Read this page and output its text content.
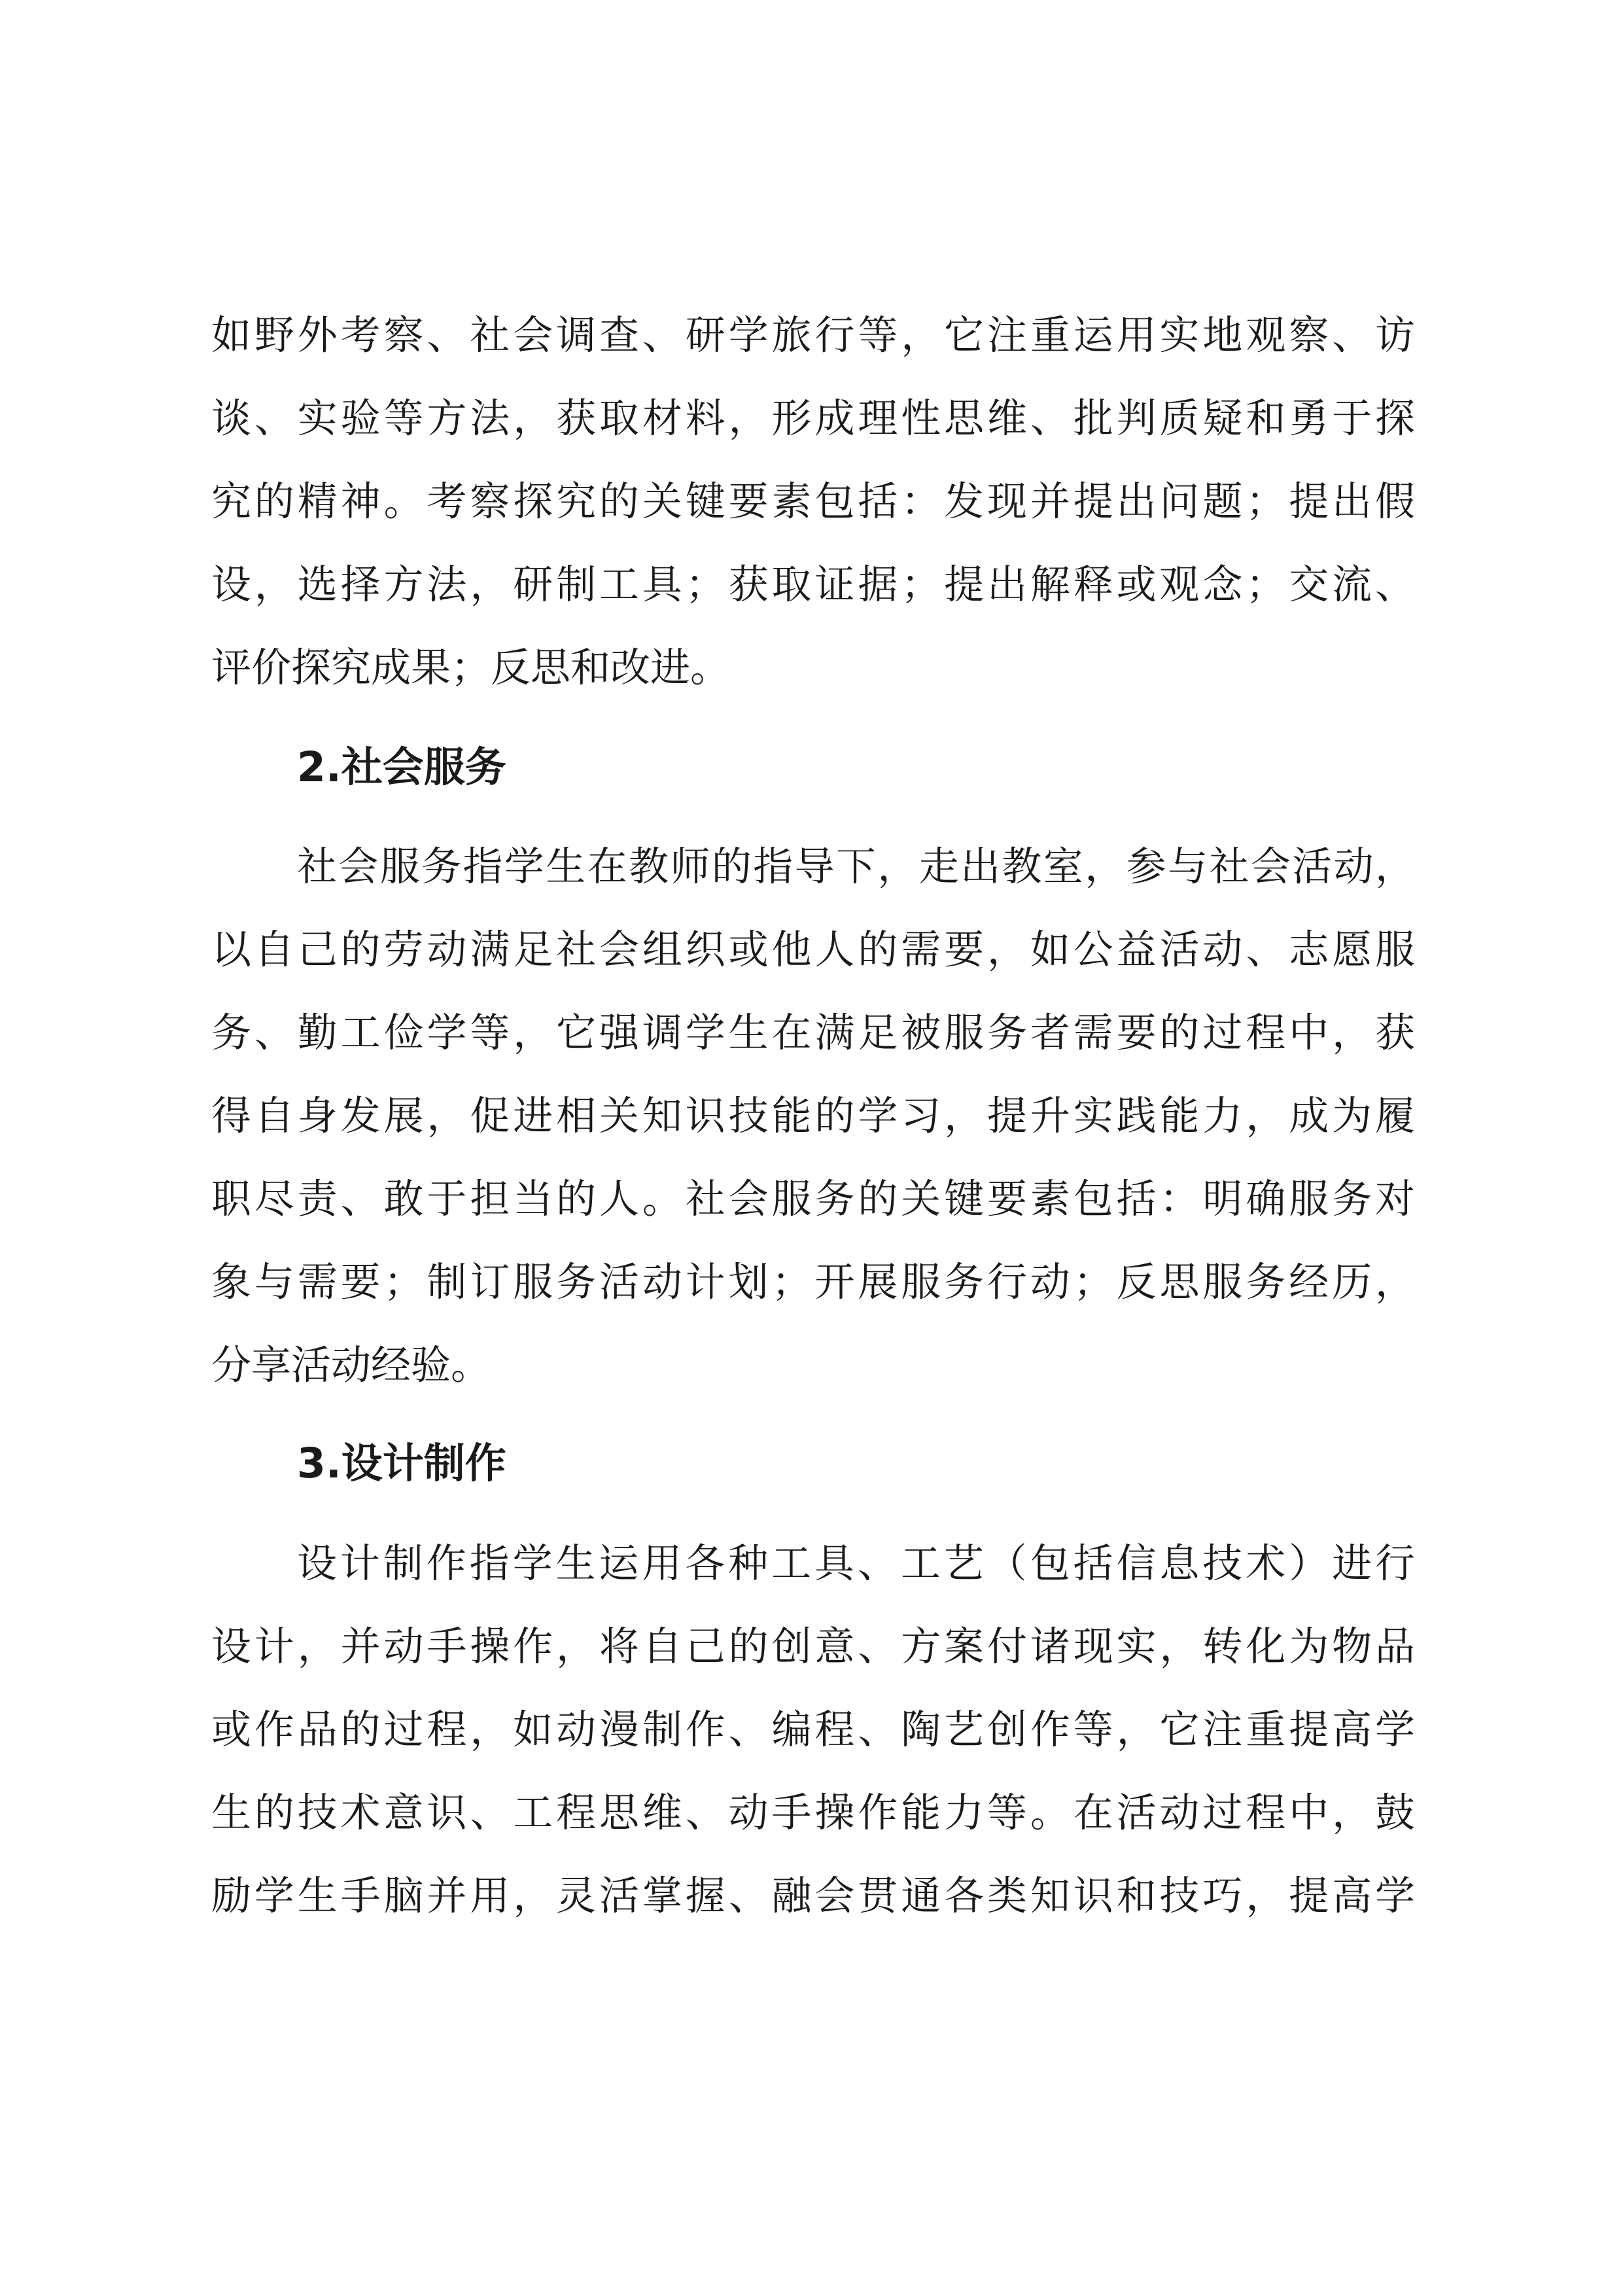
如野外考察、社会调查、研学旅行等，它注重运用实地观察、访
谈、实验等方法，获取材料，形成理性思维、批判质疑和勇于探
究的精神。考察探究的关键要素包括：发现并提出问题；提出假
设，选择方法，研制工具；获取证据；提出解释或观念；交流、
评价探究成果；反思和改进。
2.社会服务
社会服务指学生在教师的指导下，走出教室，参与社会活动，
以自己的劳动满足社会组织或他人的需要，如公益活动、志愿服
务、勤工俭学等，它强调学生在满足被服务者需要的过程中，获
得自身发展，促进相关知识技能的学习，提升实践能力，成为履
职尽责、敢于担当的人。社会服务的关键要素包括：明确服务对
象与需要；制订服务活动计划；开展服务行动；反思服务经历，
分享活动经验。
3.设计制作
设计制作指学生运用各种工具、工艺（包括信息技术）进行
设计，并动手操作，将自己的创意、方案付诸现实，转化为物品
或作品的过程，如动漫制作、编程、陶艺创作等，它注重提高学
生的技术意识、工程思维、动手操作能力等。在活动过程中，鼓
励学生手脑并用，灵活掌握、融会贯通各类知识和技巧，提高学
